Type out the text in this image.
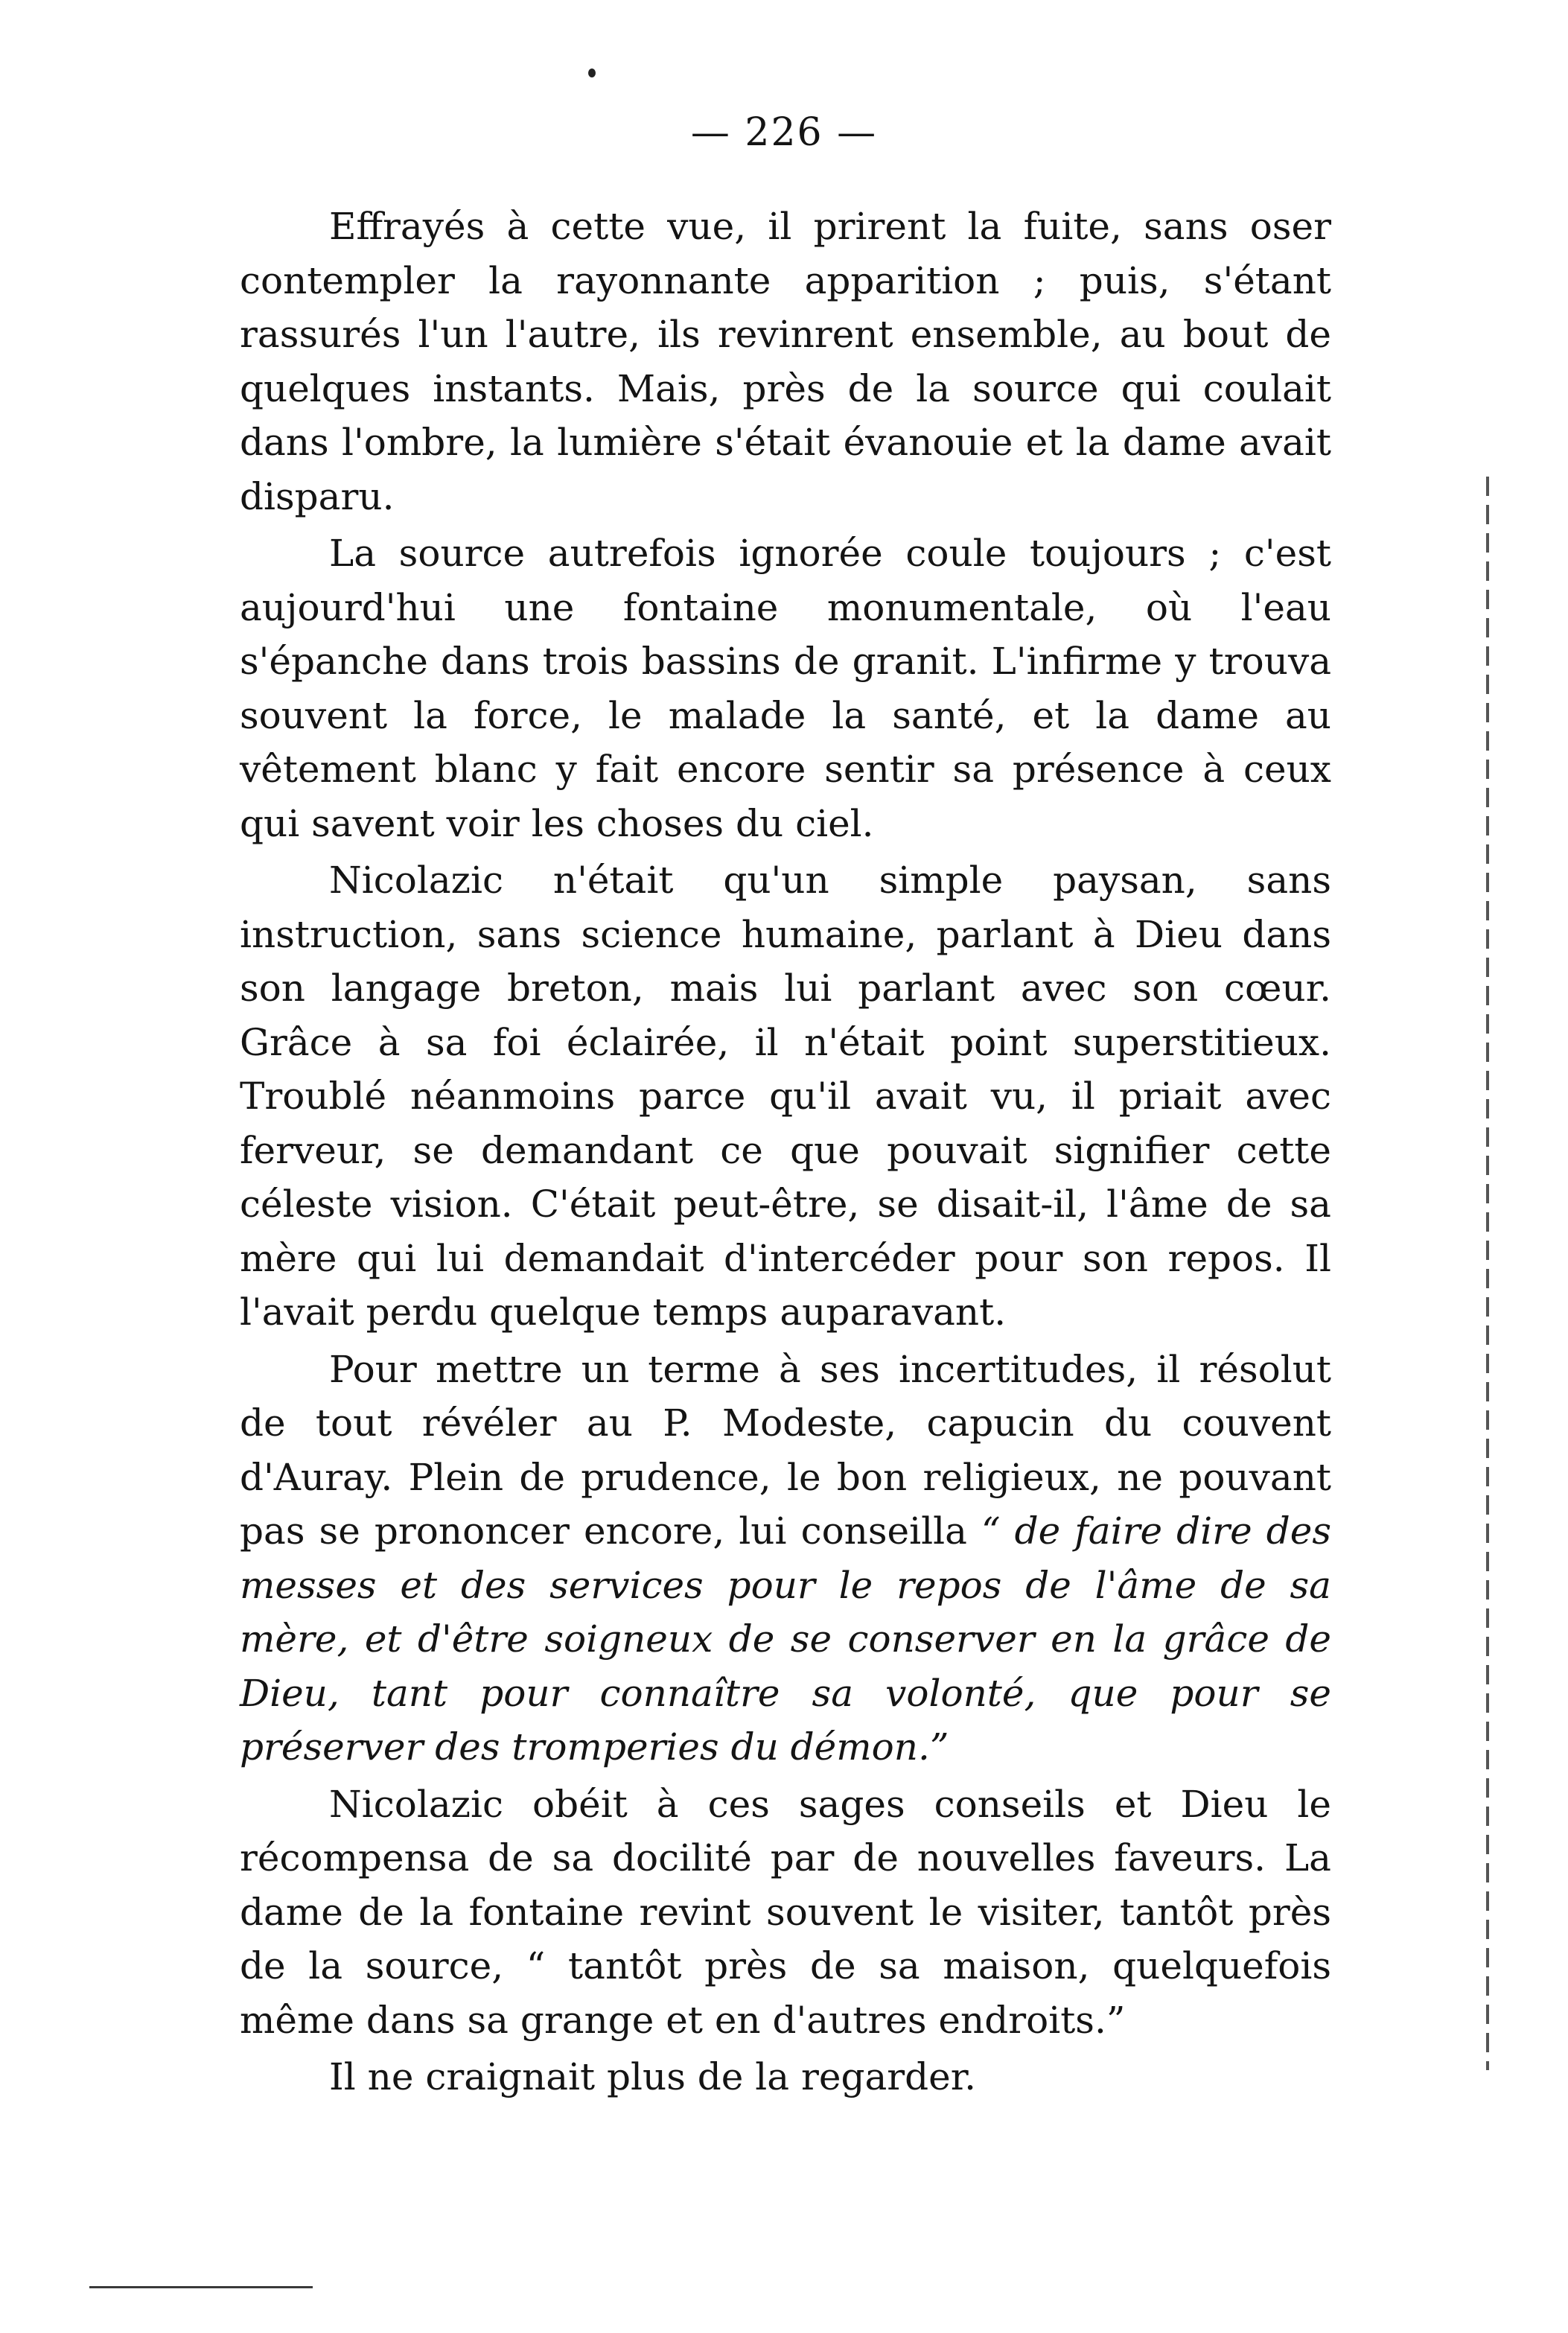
— 226 —

Effrayés à cette vue, il prirent la fuite, sans oser contempler la rayonnante apparition ; puis, s'étant rassurés l'un l'autre, ils revinrent ensemble, au bout de quelques instants. Mais, près de la source qui coulait dans l'ombre, la lumière s'était évanouie et la dame avait disparu.

La source autrefois ignorée coule toujours ; c'est aujourd'hui une fontaine monumentale, où l'eau s'épanche dans trois bassins de granit. L'infirme y trouva souvent la force, le malade la santé, et la dame au vêtement blanc y fait encore sentir sa présence à ceux qui savent voir les choses du ciel.

Nicolazic n'était qu'un simple paysan, sans instruction, sans science humaine, parlant à Dieu dans son langage breton, mais lui parlant avec son cœur. Grâce à sa foi éclairée, il n'était point superstitieux. Troublé néanmoins parce qu'il avait vu, il priait avec ferveur, se demandant ce que pouvait signifier cette céleste vision. C'était peut-être, se disait-il, l'âme de sa mère qui lui demandait d'intercéder pour son repos. Il l'avait perdu quelque temps auparavant.

Pour mettre un terme à ses incertitudes, il résolut de tout révéler au P. Modeste, capucin du couvent d'Auray. Plein de prudence, le bon religieux, ne pouvant pas se prononcer encore, lui conseilla “ de faire dire des messes et des services pour le repos de l'âme de sa mère, et d'être soigneux de se conserver en la grâce de Dieu, tant pour connaître sa volonté, que pour se préserver des tromperies du démon.”

Nicolazic obéit à ces sages conseils et Dieu le récompensa de sa docilité par de nouvelles faveurs. La dame de la fontaine revint souvent le visiter, tantôt près de la source, “ tantôt près de sa maison, quelquefois même dans sa grange et en d'autres endroits.”

Il ne craignait plus de la regarder.
